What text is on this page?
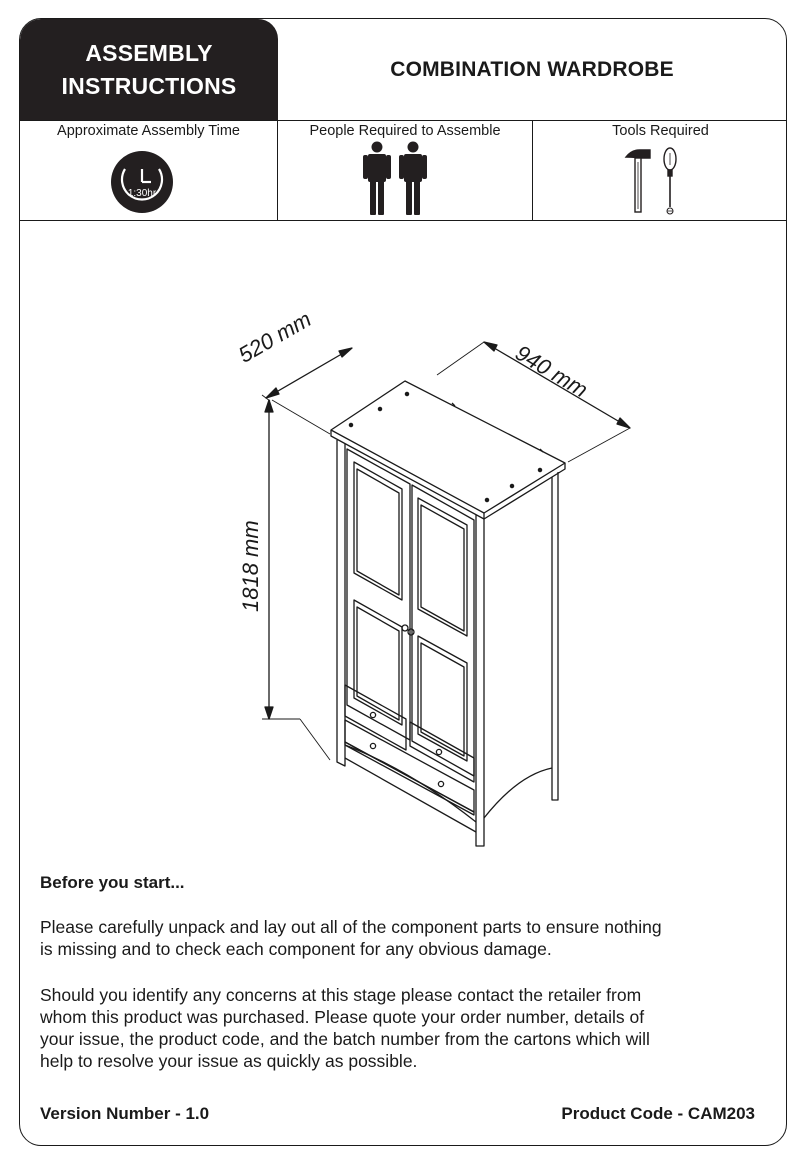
ASSEMBLY
INSTRUCTIONS
COMBINATION WARDROBE
Approximate Assembly Time	People Required to Assemble	Tools Required
1:30hr
520 mm
940 mm
1818 mm
Before you start...
Please carefully unpack and lay out all of the component parts to ensure nothing
is missing and to check each component for any obvious damage.
Should you identify any concerns at this stage please contact the retailer from
whom this product was purchased. Please quote your order number, details of
your issue, the product code, and the batch number from the cartons which will
help to resolve your issue as quickly as possible.
Version Number - 1.0	Product Code - CAM203
